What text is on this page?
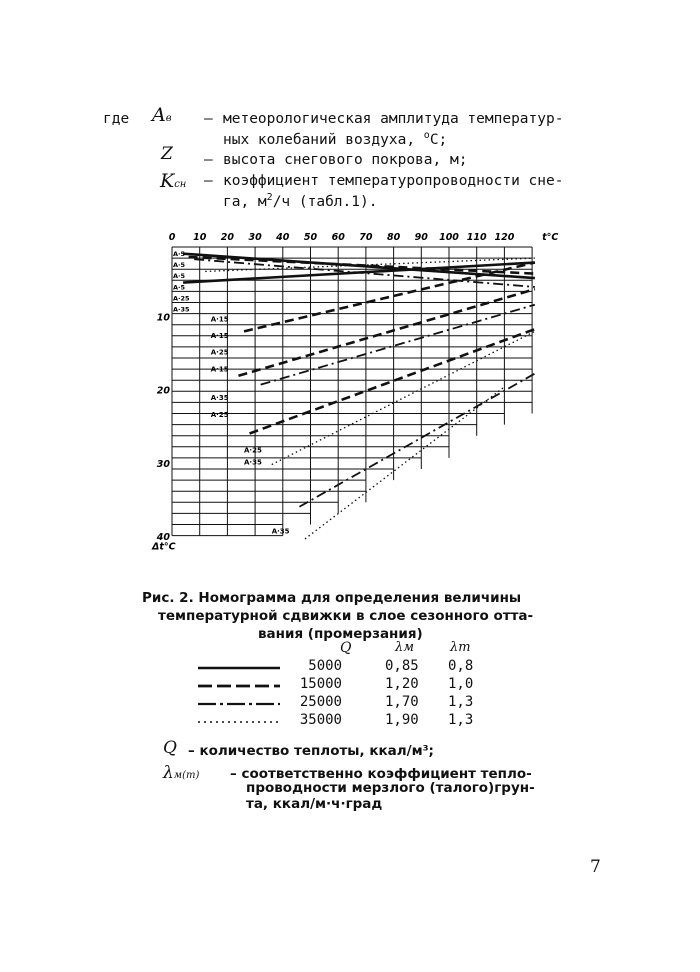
где Aв – метеорологическая амплитуда температур-
ных колебаний воздуха, $^о$С;
Z – высота снегового покрова, м;
Kсн – коэффициент температуропроводности сне-
га, $м^2/ч$ (табл.1).
0 10 20 30 40 50 60 70 80 90 100 110 120	t°C
10
20
30
40
Δt°C
A·5
A·5
A·5
A·5
A·25
A·35
A·15
A·15
A·25
A·15
A·35
A·25
A·25
A·35
A·35
Рис. 2. Номограмма для определения величины
температурной сдвижки в слое сезонного отта-
вания (промерзания)
Q	λм	λт
5000	0,85 0,8
15000	1,20 1,0
25000	1,70 1,3
35000	1,90 1,3
Q – количество теплоты, ккал/м³;
λм(т) – соответственно коэффициент тепло-
проводности мерзлого (талого)грун-
та, ккал/м·ч·град
7
